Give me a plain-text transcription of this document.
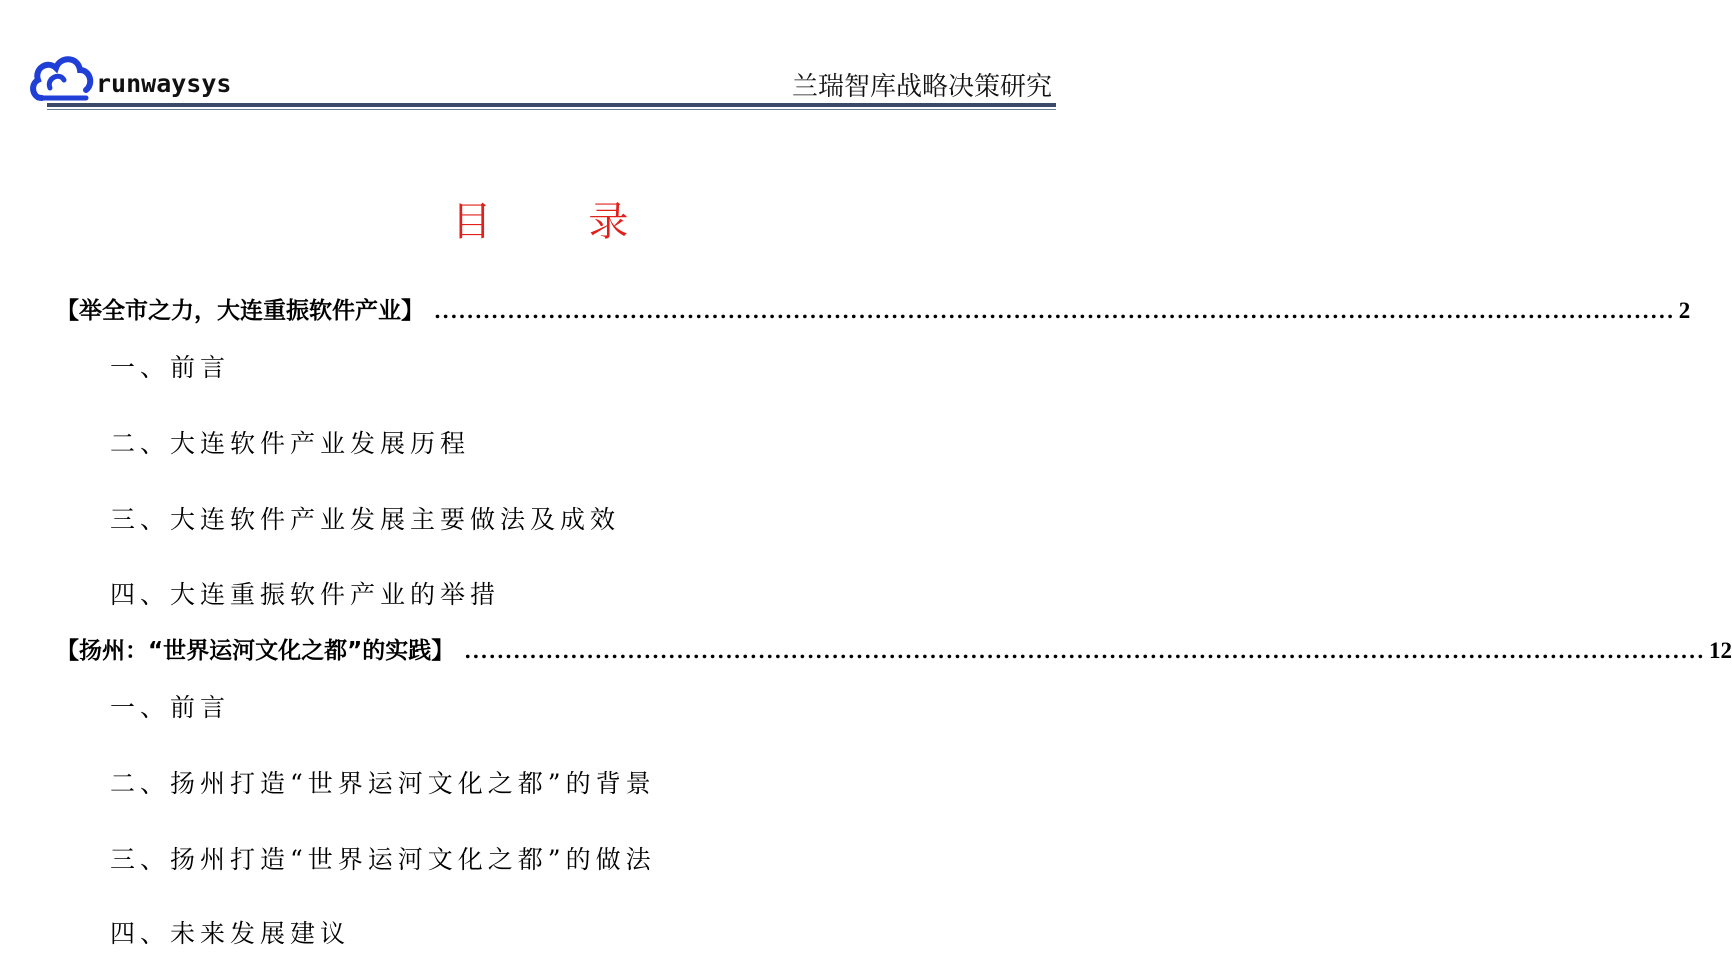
runwaysys	兰瑞智库战略决策研究
目 录
【举全市之力，大连重振软件产业】 ........................................................................................................................................................ 2
一、前言
二、大连软件产业发展历程
三、大连软件产业发展主要做法及成效
四、大连重振软件产业的举措
【扬州：“世界运河文化之都”的实践】 ........................................................................................................................................................ 12
一、前言
二、扬州打造“世界运河文化之都”的背景
三、扬州打造“世界运河文化之都”的做法
四、未来发展建议
